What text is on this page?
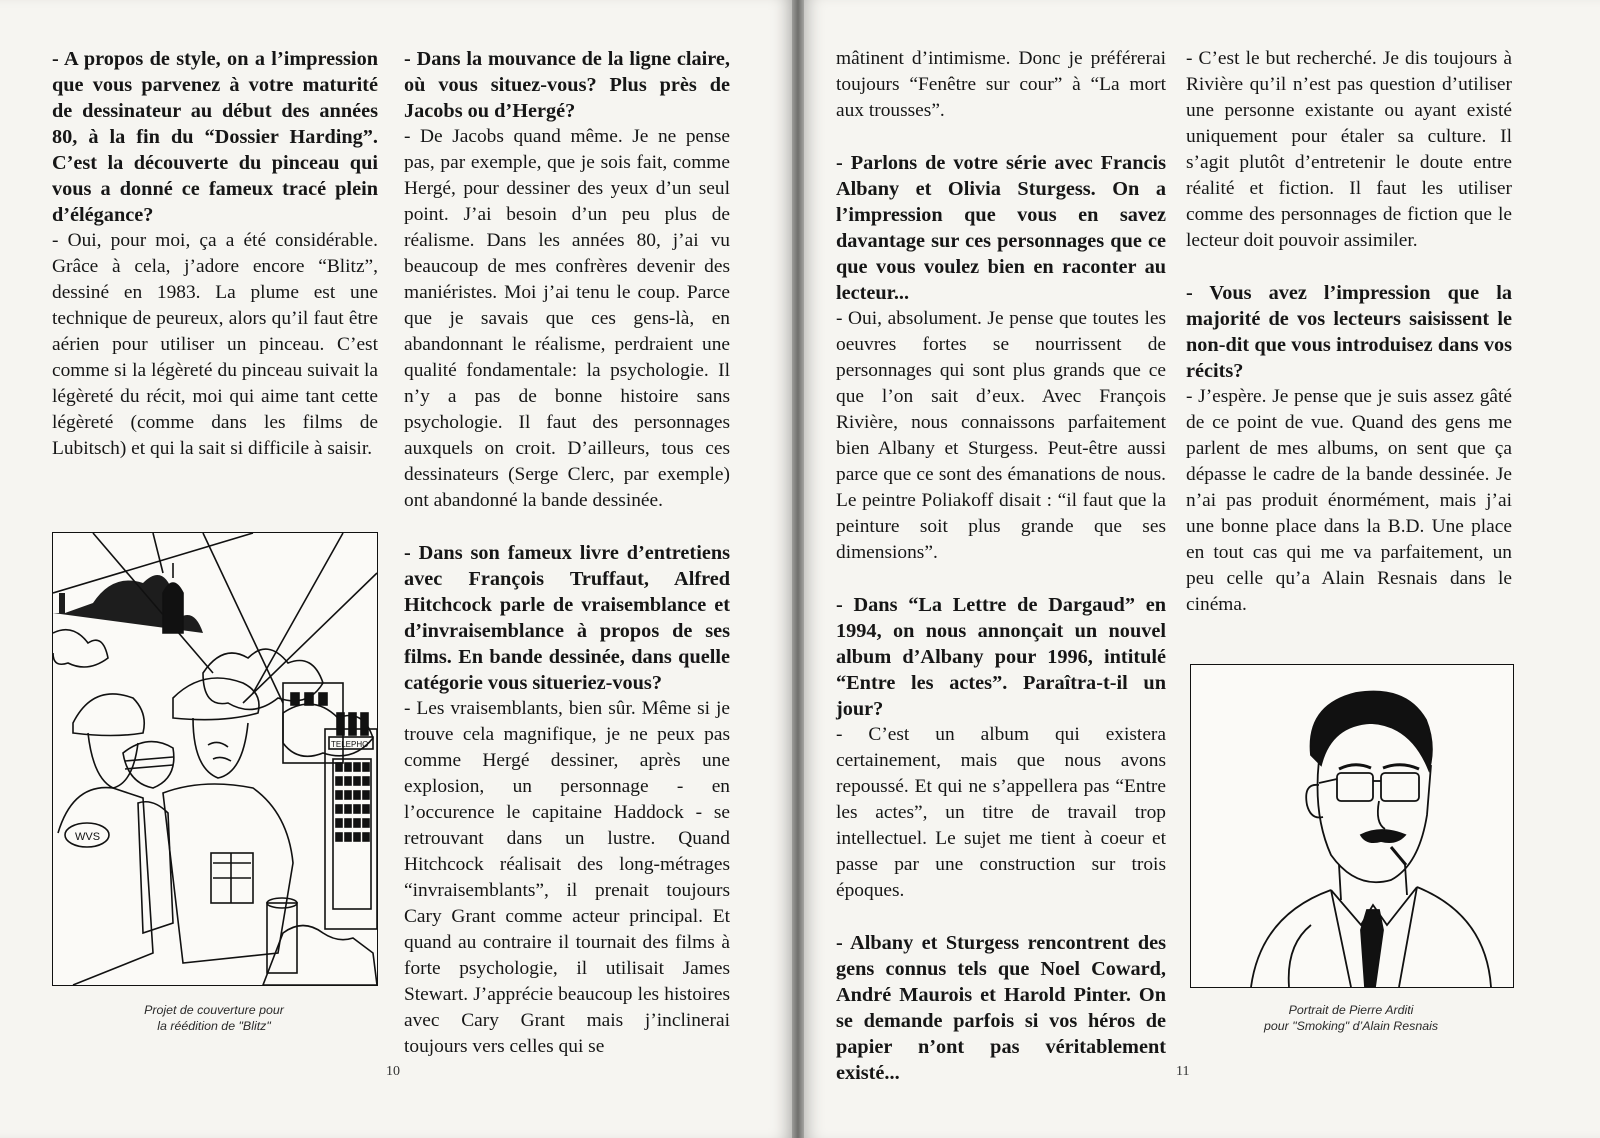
- A propos de style, on a l’impression que vous parvenez à votre maturité de dessinateur au début des années 80, à la fin du “Dossier Harding”. C’est la découverte du pinceau qui vous a donné ce fameux tracé plein d’élégance?

- Oui, pour moi, ça a été considérable. Grâce à cela, j’adore encore “Blitz”, dessiné en 1983. La plume est une technique de peureux, alors qu’il faut être aérien pour utiliser un pinceau. C’est comme si la légèreté du pinceau suivait la légèreté du récit, moi qui aime tant cette légèreté (comme dans les films de Lubitsch) et qui la sait si difficile à saisir.

- Dans la mouvance de la ligne claire, où vous situez-vous? Plus près de Jacobs ou d’Hergé?

- De Jacobs quand même. Je ne pense pas, par exemple, que je sois fait, comme Hergé, pour dessiner des yeux d’un seul point. J’ai besoin d’un peu plus de réalisme. Dans les années 80, j’ai vu beaucoup de mes confrères devenir des maniéristes. Moi j’ai tenu le coup. Parce que je savais que ces gens-là, en abandonnant le réalisme, perdraient une qualité fondamentale: la psychologie. Il n’y a pas de bonne histoire sans psychologie. Il faut des personnages auxquels on croit. D’ailleurs, tous ces dessinateurs (Serge Clerc, par exemple) ont abandonné la bande dessinée.

- Dans son fameux livre d’entretiens avec François Truffaut, Alfred Hitchcock parle de vraisemblance et d’invraisemblance à propos de ses films. En bande dessinée, dans quelle catégorie vous situeriez-vous?

- Les vraisemblants, bien sûr. Même si je trouve cela magnifique, je ne peux pas comme Hergé dessiner, après une explosion, un personnage - en l’occurence le capitaine Haddock - se retrouvant dans un lustre. Quand Hitchcock réalisait des long-métrages “invraisemblants”, il prenait toujours Cary Grant comme acteur principal. Et quand au contraire il tournait des films à forte psychologie, il utilisait James Stewart. J’apprécie beaucoup les histoires avec Cary Grant mais j’inclinerai toujours vers celles qui se

WVS
TELEPHO
Projet de couverture pour
la réédition de "Blitz"
10

mâtinent d’intimisme. Donc je préférerai toujours “Fenêtre sur cour” à “La mort aux trousses”.

- Parlons de votre série avec Francis Albany et Olivia Sturgess. On a l’impression que vous en savez davantage sur ces personnages que ce que vous voulez bien en raconter au lecteur...

- Oui, absolument. Je pense que toutes les oeuvres fortes se nourrissent de personnages qui sont plus grands que ce que l’on sait d’eux. Avec François Rivière, nous connaissons parfaitement bien Albany et Sturgess. Peut-être aussi parce que ce sont des émanations de nous. Le peintre Poliakoff disait : “il faut que la peinture soit plus grande que ses dimensions”.

- Dans “La Lettre de Dargaud” en 1994, on nous annonçait un nouvel album d’Albany pour 1996, intitulé “Entre les actes”. Paraîtra-t-il un jour?

- C’est un album qui existera certainement, mais que nous avons repoussé. Et qui ne s’appellera pas “Entre les actes”, un titre de travail trop intellectuel. Le sujet me tient à coeur et passe par une construction sur trois époques.

- Albany et Sturgess rencontrent des gens connus tels que Noel Coward, André Maurois et Harold Pinter. On se demande parfois si vos héros de papier n’ont pas véritablement existé...

- C’est le but recherché. Je dis toujours à Rivière qu’il n’est pas question d’utiliser une personne existante ou ayant existé uniquement pour étaler sa culture. Il s’agit plutôt d’entretenir le doute entre réalité et fiction. Il faut les utiliser comme des personnages de fiction que le lecteur doit pouvoir assimiler.

- Vous avez l’impression que la majorité de vos lecteurs saisissent le non-dit que vous introduisez dans vos récits?

- J’espère. Je pense que je suis assez gâté de ce point de vue. Quand des gens me parlent de mes albums, on sent que ça dépasse le cadre de la bande dessinée. Je n’ai pas produit énormément, mais j’ai une bonne place dans la B.D. Une place en tout cas qui me va parfaitement, un peu celle qu’a Alain Resnais dans le cinéma.

Portrait de Pierre Arditi
pour "Smoking" d’Alain Resnais
11
